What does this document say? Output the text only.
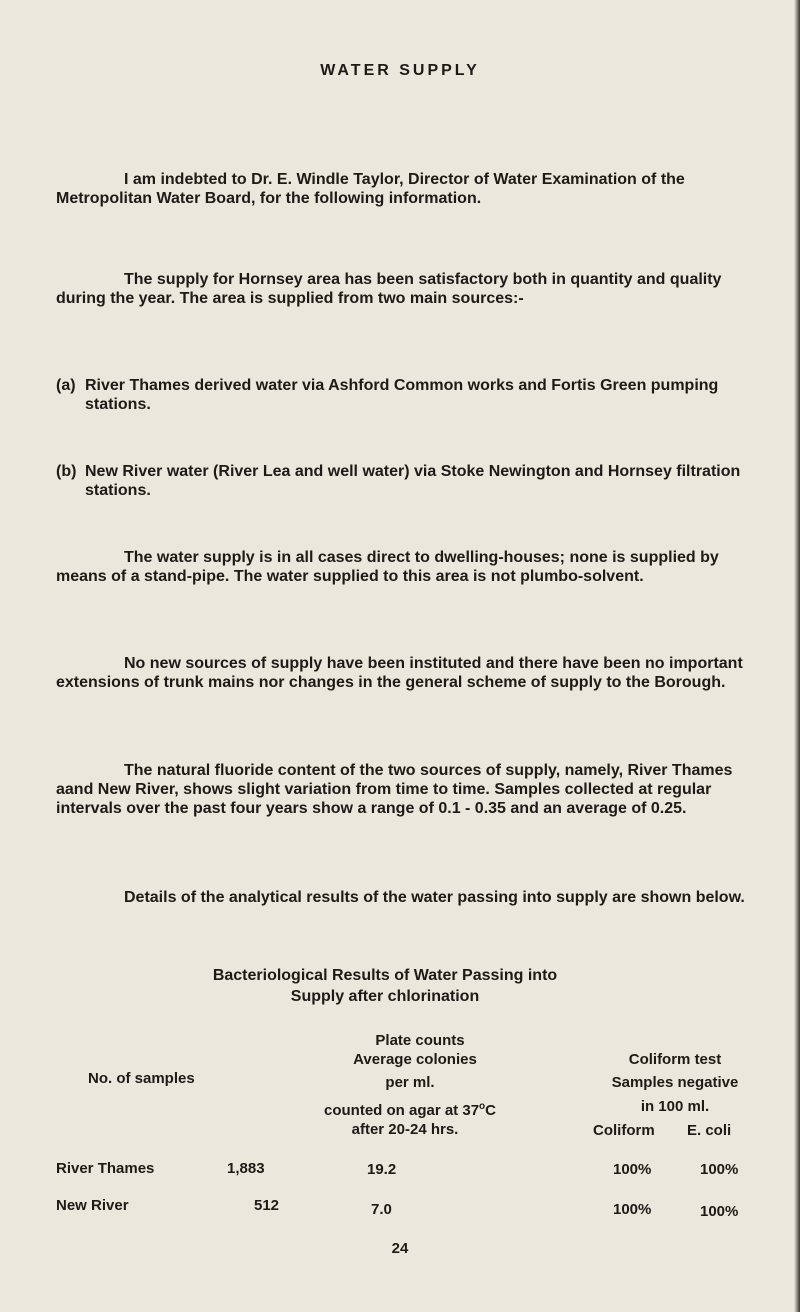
WATER SUPPLY

I am indebted to Dr. E. Windle Taylor, Director of Water Examination of the Metropolitan Water Board, for the following information.

The supply for Hornsey area has been satisfactory both in quantity and quality during the year. The area is supplied from two main sources:-

(a) River Thames derived water via Ashford Common works and Fortis Green pumping stations.
(b) New River water (River Lea and well water) via Stoke Newington and Hornsey filtration stations.

The water supply is in all cases direct to dwelling-houses; none is supplied by means of a stand-pipe. The water supplied to this area is not plumbo-solvent.

No new sources of supply have been instituted and there have been no important extensions of trunk mains nor changes in the general scheme of supply to the Borough.

The natural fluoride content of the two sources of supply, namely, River Thames aand New River, shows slight variation from time to time. Samples collected at regular intervals over the past four years show a range of 0.1 - 0.35 and an average of 0.25.

Details of the analytical results of the water passing into supply are shown below.

Bacteriological Results of Water Passing into
Supply after chlorination
No. of samples
Plate counts
Average colonies
per ml.
counted on agar at 37$^o$C
after 20-24 hrs.
Coliform test
Samples negative
in 100 ml.
Coliform E. coli
River Thames	1,883	19.2	100%	100%
New River	512	7.0	100%	100%
24
